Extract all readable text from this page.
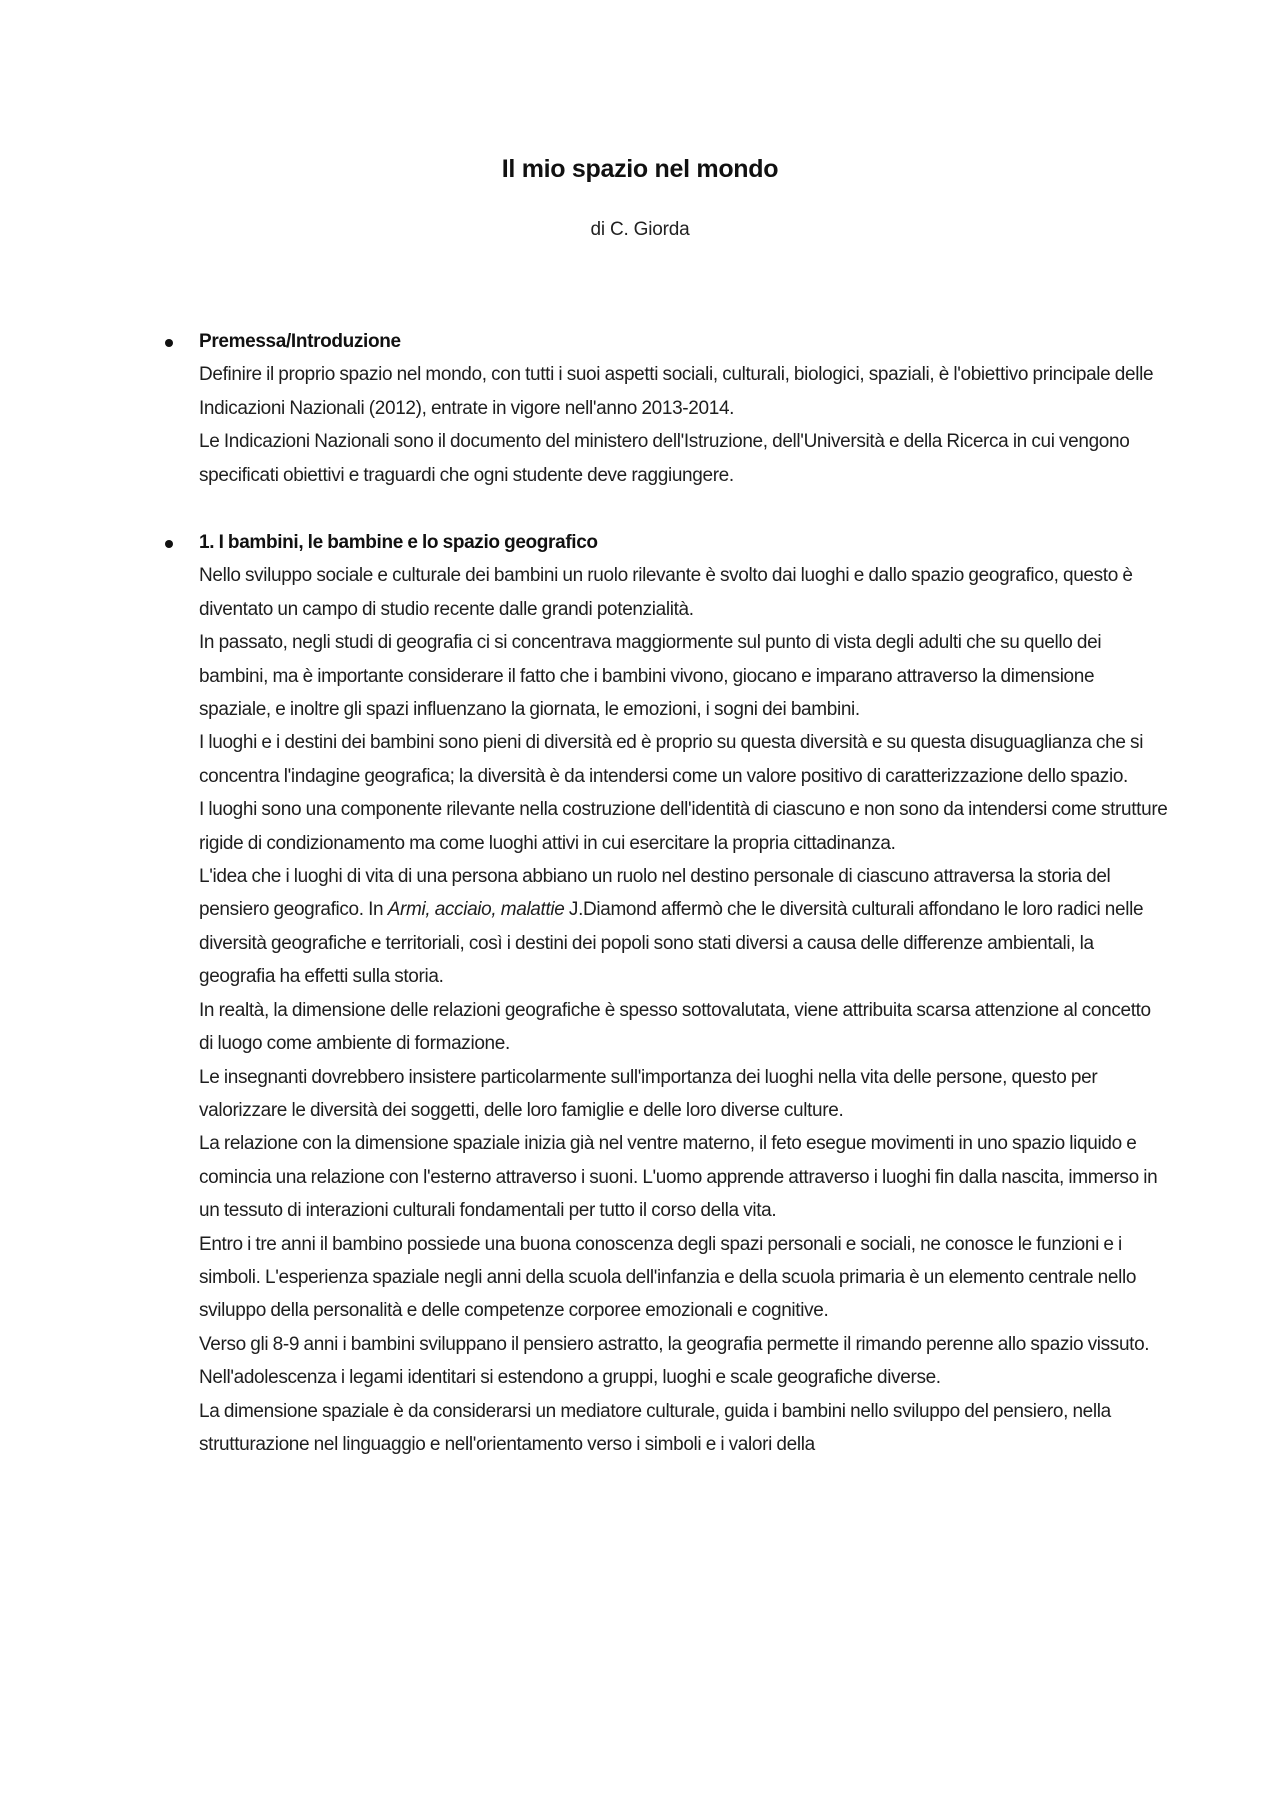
Il mio spazio nel mondo
di C. Giorda
Premessa/Introduzione

Definire il proprio spazio nel mondo, con tutti i suoi aspetti sociali, culturali, biologici, spaziali, è l'obiettivo principale delle Indicazioni Nazionali (2012), entrate in vigore nell'anno 2013-2014.

Le Indicazioni Nazionali sono il documento del ministero dell'Istruzione, dell'Università e della Ricerca in cui vengono specificati obiettivi e traguardi che ogni studente deve raggiungere.

1. I bambini, le bambine e lo spazio geografico

Nello sviluppo sociale e culturale dei bambini un ruolo rilevante è svolto dai luoghi e dallo spazio geografico, questo è diventato un campo di studio recente dalle grandi potenzialità.

In passato, negli studi di geografia ci si concentrava maggiormente sul punto di vista degli adulti che su quello dei bambini, ma è importante considerare il fatto che i bambini vivono, giocano e imparano attraverso la dimensione spaziale, e inoltre gli spazi influenzano la giornata, le emozioni, i sogni dei bambini.

I luoghi e i destini dei bambini sono pieni di diversità ed è proprio su questa diversità e su questa disuguaglianza che si concentra l'indagine geografica; la diversità è da intendersi come un valore positivo di caratterizzazione dello spazio.

I luoghi sono una componente rilevante nella costruzione dell'identità di ciascuno e non sono da intendersi come strutture rigide di condizionamento ma come luoghi attivi in cui esercitare la propria cittadinanza.

L'idea che i luoghi di vita di una persona abbiano un ruolo nel destino personale di ciascuno attraversa la storia del pensiero geografico. In Armi, acciaio, malattie J.Diamond affermò che le diversità culturali affondano le loro radici nelle diversità geografiche e territoriali, così i destini dei popoli sono stati diversi a causa delle differenze ambientali, la geografia ha effetti sulla storia.

In realtà, la dimensione delle relazioni geografiche è spesso sottovalutata, viene attribuita scarsa attenzione al concetto di luogo come ambiente di formazione.

Le insegnanti dovrebbero insistere particolarmente sull'importanza dei luoghi nella vita delle persone, questo per valorizzare le diversità dei soggetti, delle loro famiglie e delle loro diverse culture.

La relazione con la dimensione spaziale inizia già nel ventre materno, il feto esegue movimenti in uno spazio liquido e comincia una relazione con l'esterno attraverso i suoni. L'uomo apprende attraverso i luoghi fin dalla nascita, immerso in un tessuto di interazioni culturali fondamentali per tutto il corso della vita.

Entro i tre anni il bambino possiede una buona conoscenza degli spazi personali e sociali, ne conosce le funzioni e i simboli. L'esperienza spaziale negli anni della scuola dell'infanzia e della scuola primaria è un elemento centrale nello sviluppo della personalità e delle competenze corporee emozionali e cognitive.

Verso gli 8-9 anni i bambini sviluppano il pensiero astratto, la geografia permette il rimando perenne allo spazio vissuto.

Nell'adolescenza i legami identitari si estendono a gruppi, luoghi e scale geografiche diverse.

La dimensione spaziale è da considerarsi un mediatore culturale, guida i bambini nello sviluppo del pensiero, nella strutturazione nel linguaggio e nell'orientamento verso i simboli e i valori della
